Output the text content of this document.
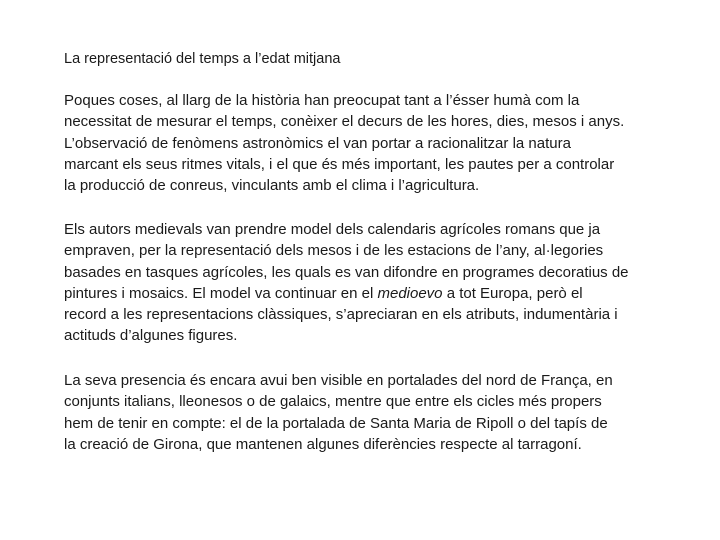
La representació del temps a l’edat mitjana

Poques coses, al llarg de la història han preocupat tant a l’ésser humà com la
necessitat de mesurar el temps, conèixer el decurs de les hores, dies, mesos i anys.
L’observació de fenòmens astronòmics el van portar a racionalitzar la natura
marcant els seus ritmes vitals, i el que és més important, les pautes per a controlar
la producció de conreus, vinculants amb el clima i l’agricultura.

Els autors medievals van prendre model dels calendaris agrícoles romans que ja
empraven, per la representació dels mesos i de les estacions de l’any, al·legories
basades en tasques agrícoles, les quals es van difondre en programes decoratius de
pintures i mosaics. El model va continuar en el medioevo a tot Europa, però el
record a les representacions clàssiques, s’apreciaran en els atributs, indumentària i
actituds d’algunes figures.

La seva presencia és encara avui ben visible en portalades del nord de França, en
conjunts italians, lleonesos o de galaics, mentre que entre els cicles més propers
hem de tenir en compte: el de la portalada de Santa Maria de Ripoll o del tapís de
la creació de Girona, que mantenen algunes diferències respecte al tarragoní.
